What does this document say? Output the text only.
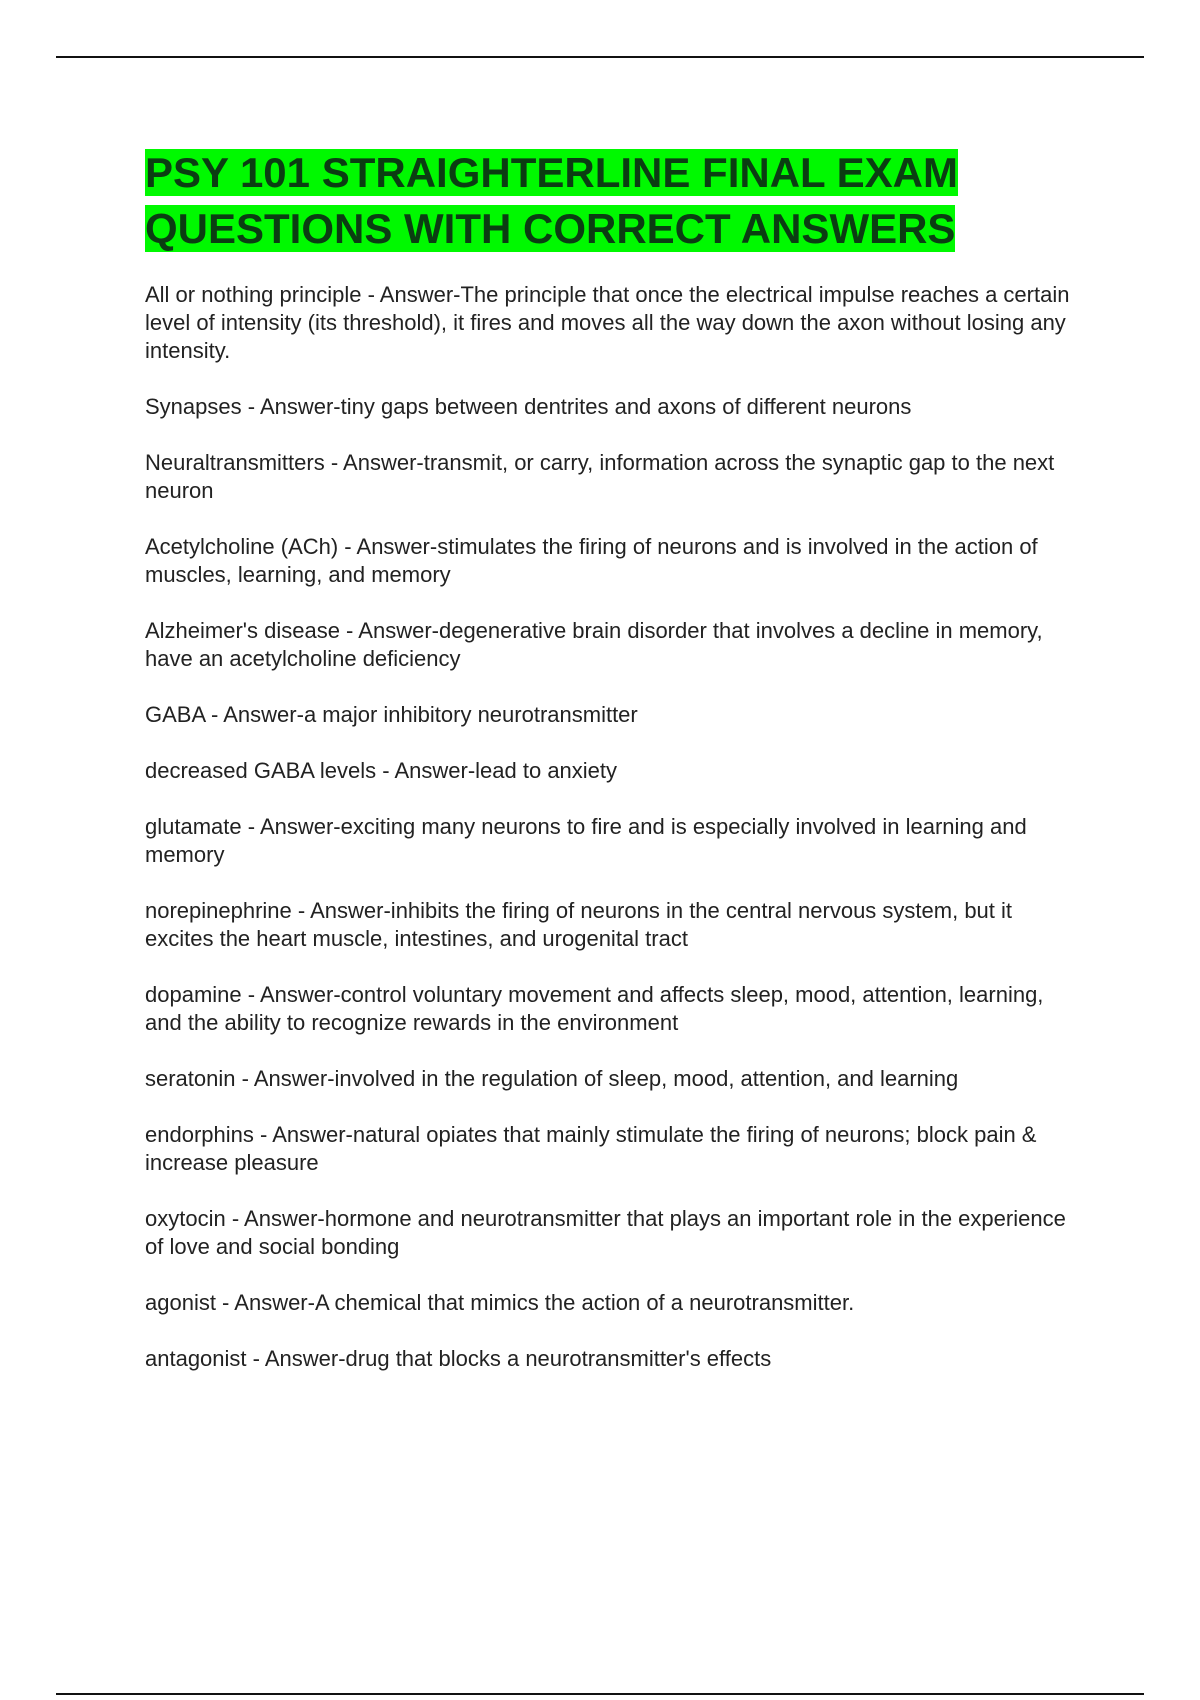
PSY 101 STRAIGHTERLINE FINAL EXAM
QUESTIONS WITH CORRECT ANSWERS
All or nothing principle - Answer-The principle that once the electrical impulse reaches a certain level of intensity (its threshold), it fires and moves all the way down the axon without losing any intensity.
Synapses - Answer-tiny gaps between dentrites and axons of different neurons
Neuraltransmitters - Answer-transmit, or carry, information across the synaptic gap to the next neuron
Acetylcholine (ACh) - Answer-stimulates the firing of neurons and is involved in the action of muscles, learning, and memory
Alzheimer's disease - Answer-degenerative brain disorder that involves a decline in memory, have an acetylcholine deficiency
GABA - Answer-a major inhibitory neurotransmitter
decreased GABA levels - Answer-lead to anxiety
glutamate - Answer-exciting many neurons to fire and is especially involved in learning and memory
norepinephrine - Answer-inhibits the firing of neurons in the central nervous system, but it excites the heart muscle, intestines, and urogenital tract
dopamine - Answer-control voluntary movement and affects sleep, mood, attention, learning, and the ability to recognize rewards in the environment
seratonin - Answer-involved in the regulation of sleep, mood, attention, and learning
endorphins - Answer-natural opiates that mainly stimulate the firing of neurons; block pain & increase pleasure
oxytocin - Answer-hormone and neurotransmitter that plays an important role in the experience of love and social bonding
agonist - Answer-A chemical that mimics the action of a neurotransmitter.
antagonist - Answer-drug that blocks a neurotransmitter's effects
